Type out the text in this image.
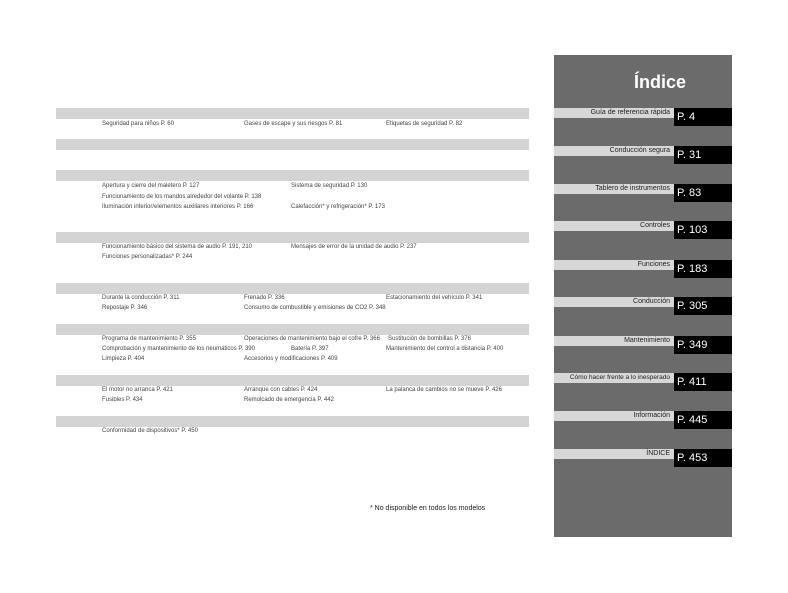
Seguridad para niños P. 60	Gases de escape y sus riesgos P. 81	Etiquetas de seguridad P. 82
Apertura y cierre del maletero P. 127	Sistema de seguridad P. 130
Funcionamiento de los mandos alrededor del volante P. 138
Iluminación interior/elementos auxiliares interiores P. 166	Calefacción* y refrigeración* P. 173
Funcionamiento básico del sistema de audio P. 191, 210	Mensajes de error de la unidad de audio P. 237
Funciones personalizadas* P. 244
Durante la conducción P. 311	Frenado P. 336	Estacionamiento del vehículo P. 341
Repostaje P. 346	Consumo de combustible y emisiones de CO2 P. 348
Programa de mantenimiento P. 355	Operaciones de mantenimiento bajo el cofre P. 366 Sustitución de bombillas P. 376
Comprobación y mantenimiento de los neumáticos P. 390	Batería P. 397	Mantenimiento del control a distancia P. 400
Limpieza P. 404	Accesorios y modificaciones P. 409
El motor no arranca P. 421	Arranque con cables P. 424	La palanca de cambios no se mueve P. 426
Fusibles P. 434	Remolcado de emergencia P. 442
Conformidad de dispositivos* P. 450
* No disponible en todos los modelos
Índice
Guía de referencia rápida P. 4
Conducción segura P. 31
Tablero de instrumentos P. 83
Controles P. 103
Funciones P. 183
Conducción P. 305
Mantenimiento P. 349
Cómo hacer frente a lo inesperado P. 411
Información P. 445
ÍNDICE P. 453
